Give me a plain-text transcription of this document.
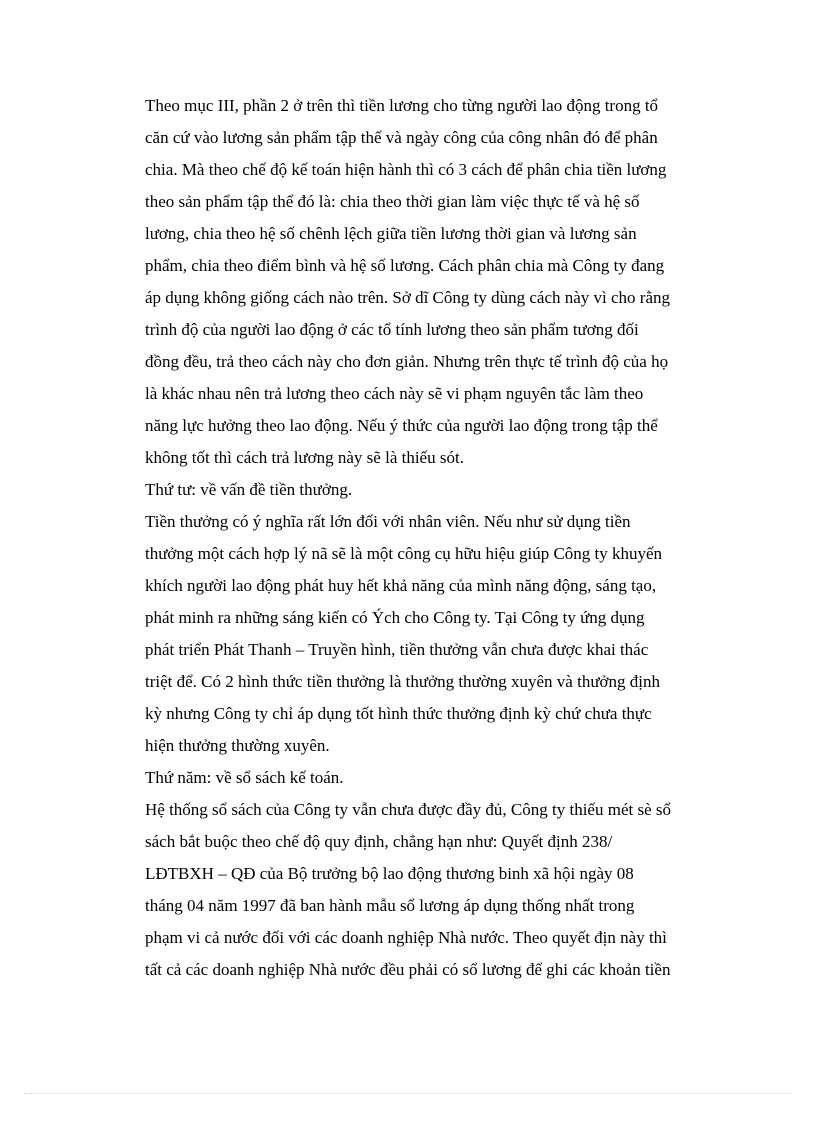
Theo mục III, phần 2 ở trên thì tiền lương cho từng người lao động trong tổ
căn cứ vào lương sản phẩm tập thể và ngày công của công nhân đó để phân
chia. Mà theo chế độ kế toán hiện hành thì có 3 cách để phân chia tiền lương
theo sản phẩm tập thể đó là: chia theo thời gian làm việc thực tế và hệ số
lương, chia theo hệ số chênh lệch giữa tiền lương thời gian và lương sản
phẩm, chia theo điểm bình và hệ số lương. Cách phân chia mà Công ty đang
áp dụng không giống cách nào trên. Sở dĩ Công ty dùng cách này vì cho rằng
trình độ của người lao động ở các tổ tính lương theo sản phẩm tương đối
đồng đều, trả theo cách này cho đơn giản. Nhưng trên thực tế trình độ của họ
là khác nhau nên trả lương theo cách này sẽ vi phạm nguyên tắc làm theo
năng lực hưởng theo lao động. Nếu ý thức của người lao động trong tập thể
không tốt thì cách trả lương này sẽ là thiếu sót.
Thứ tư: về vấn đề tiền thưởng.
Tiền thưởng có ý nghĩa rất lớn đối với nhân viên. Nếu như sử dụng tiền
thưởng một cách hợp lý nã sẽ là một công cụ hữu hiệu giúp Công ty khuyến
khích người lao động phát huy hết khả năng của mình năng động, sáng tạo,
phát minh ra những sáng kiến có Ých cho Công ty. Tại Công ty ứng dụng
phát triển Phát Thanh – Truyền hình, tiền thưởng vẫn chưa được khai thác
triệt để. Có 2 hình thức tiền thưởng là thưởng thường xuyên và thưởng định
kỳ nhưng Công ty chỉ áp dụng tốt hình thức thưởng định kỳ chứ chưa thực
hiện thưởng thường xuyên.
Thứ năm: về sổ sách kế toán.
Hệ thống sổ sách của Công ty vẫn chưa được đầy đủ, Công ty thiếu mét sè sổ
sách bắt buộc theo chế độ quy định, chẳng hạn như: Quyết định 238/
LĐTBXH – QĐ của Bộ trưởng bộ lao động thương binh xã hội ngày 08
tháng 04 năm 1997 đã ban hành mẫu sổ lương áp dụng thống nhất trong
phạm vi cả nước đối với các doanh nghiệp Nhà nước. Theo quyết địn này thì
tất cả các doanh nghiệp Nhà nước đều phải có sổ lương để ghi các khoản tiền
